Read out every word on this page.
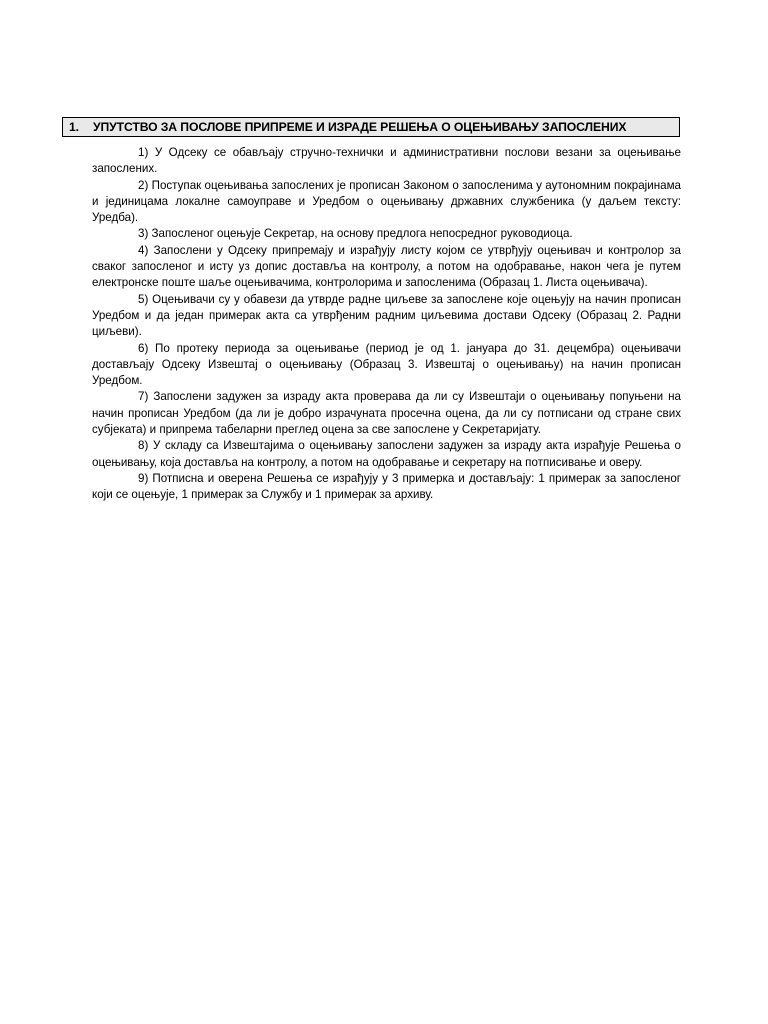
1.	УПУТСТВО ЗА ПОСЛОВЕ ПРИПРЕМЕ И ИЗРАДЕ РЕШЕЊА О ОЦЕЊИВАЊУ ЗАПОСЛЕНИХ

1) У Одсеку се обављају стручно-технички и административни послови везани за оцењивање запослених.

2) Поступак оцењивања запослених је прописан Законом о запосленима у аутономним покрајинама и јединицама локалне самоуправе и Уредбом о оцењивању државних службеника (у даљем тексту: Уредба).

3) Запосленог оцењује Секретар, на основу предлога непосредног руководиоца.

4) Запослени у Одсеку припремају и израђују листу којом се утврђују оцењивач и контролор за сваког запосленог и исту уз допис доставља на контролу, а потом на одобравање, након чега је путем електронске поште шаље оцењивачима, контролорима и запосленима (Образац 1. Листа оцењивача).

5) Оцењивачи су у обавези да утврде радне циљеве за запослене које оцењују на начин прописан Уредбом и да један примерак акта са утврђеним радним циљевима достави Одсеку (Образац 2. Радни циљеви).

6) По протеку периода за оцењивање (период је од 1. јануара до 31. децембра) оцењивачи достављају Одсеку Извештај о оцењивању (Образац 3. Извештај о оцењивању) на начин прописан Уредбом.

7) Запослени задужен за израду акта проверава да ли су Извештаји о оцењивању попуњени на начин прописан Уредбом (да ли је добро израчуната просечна оцена, да ли су потписани од стране свих субјеката) и припрема табеларни преглед оцена за све запослене у Секретаријату.

8) У складу са Извештајима о оцењивању запослени задужен за израду акта израђује Решења о оцењивању, која доставља на контролу, а потом на одобравање и секретару на потписивање и оверу.

9) Потписна и оверена Решења се израђују у 3 примерка и достављају: 1 примерак за запосленог који се оцењује, 1 примерак за Службу и 1 примерак за архиву.
